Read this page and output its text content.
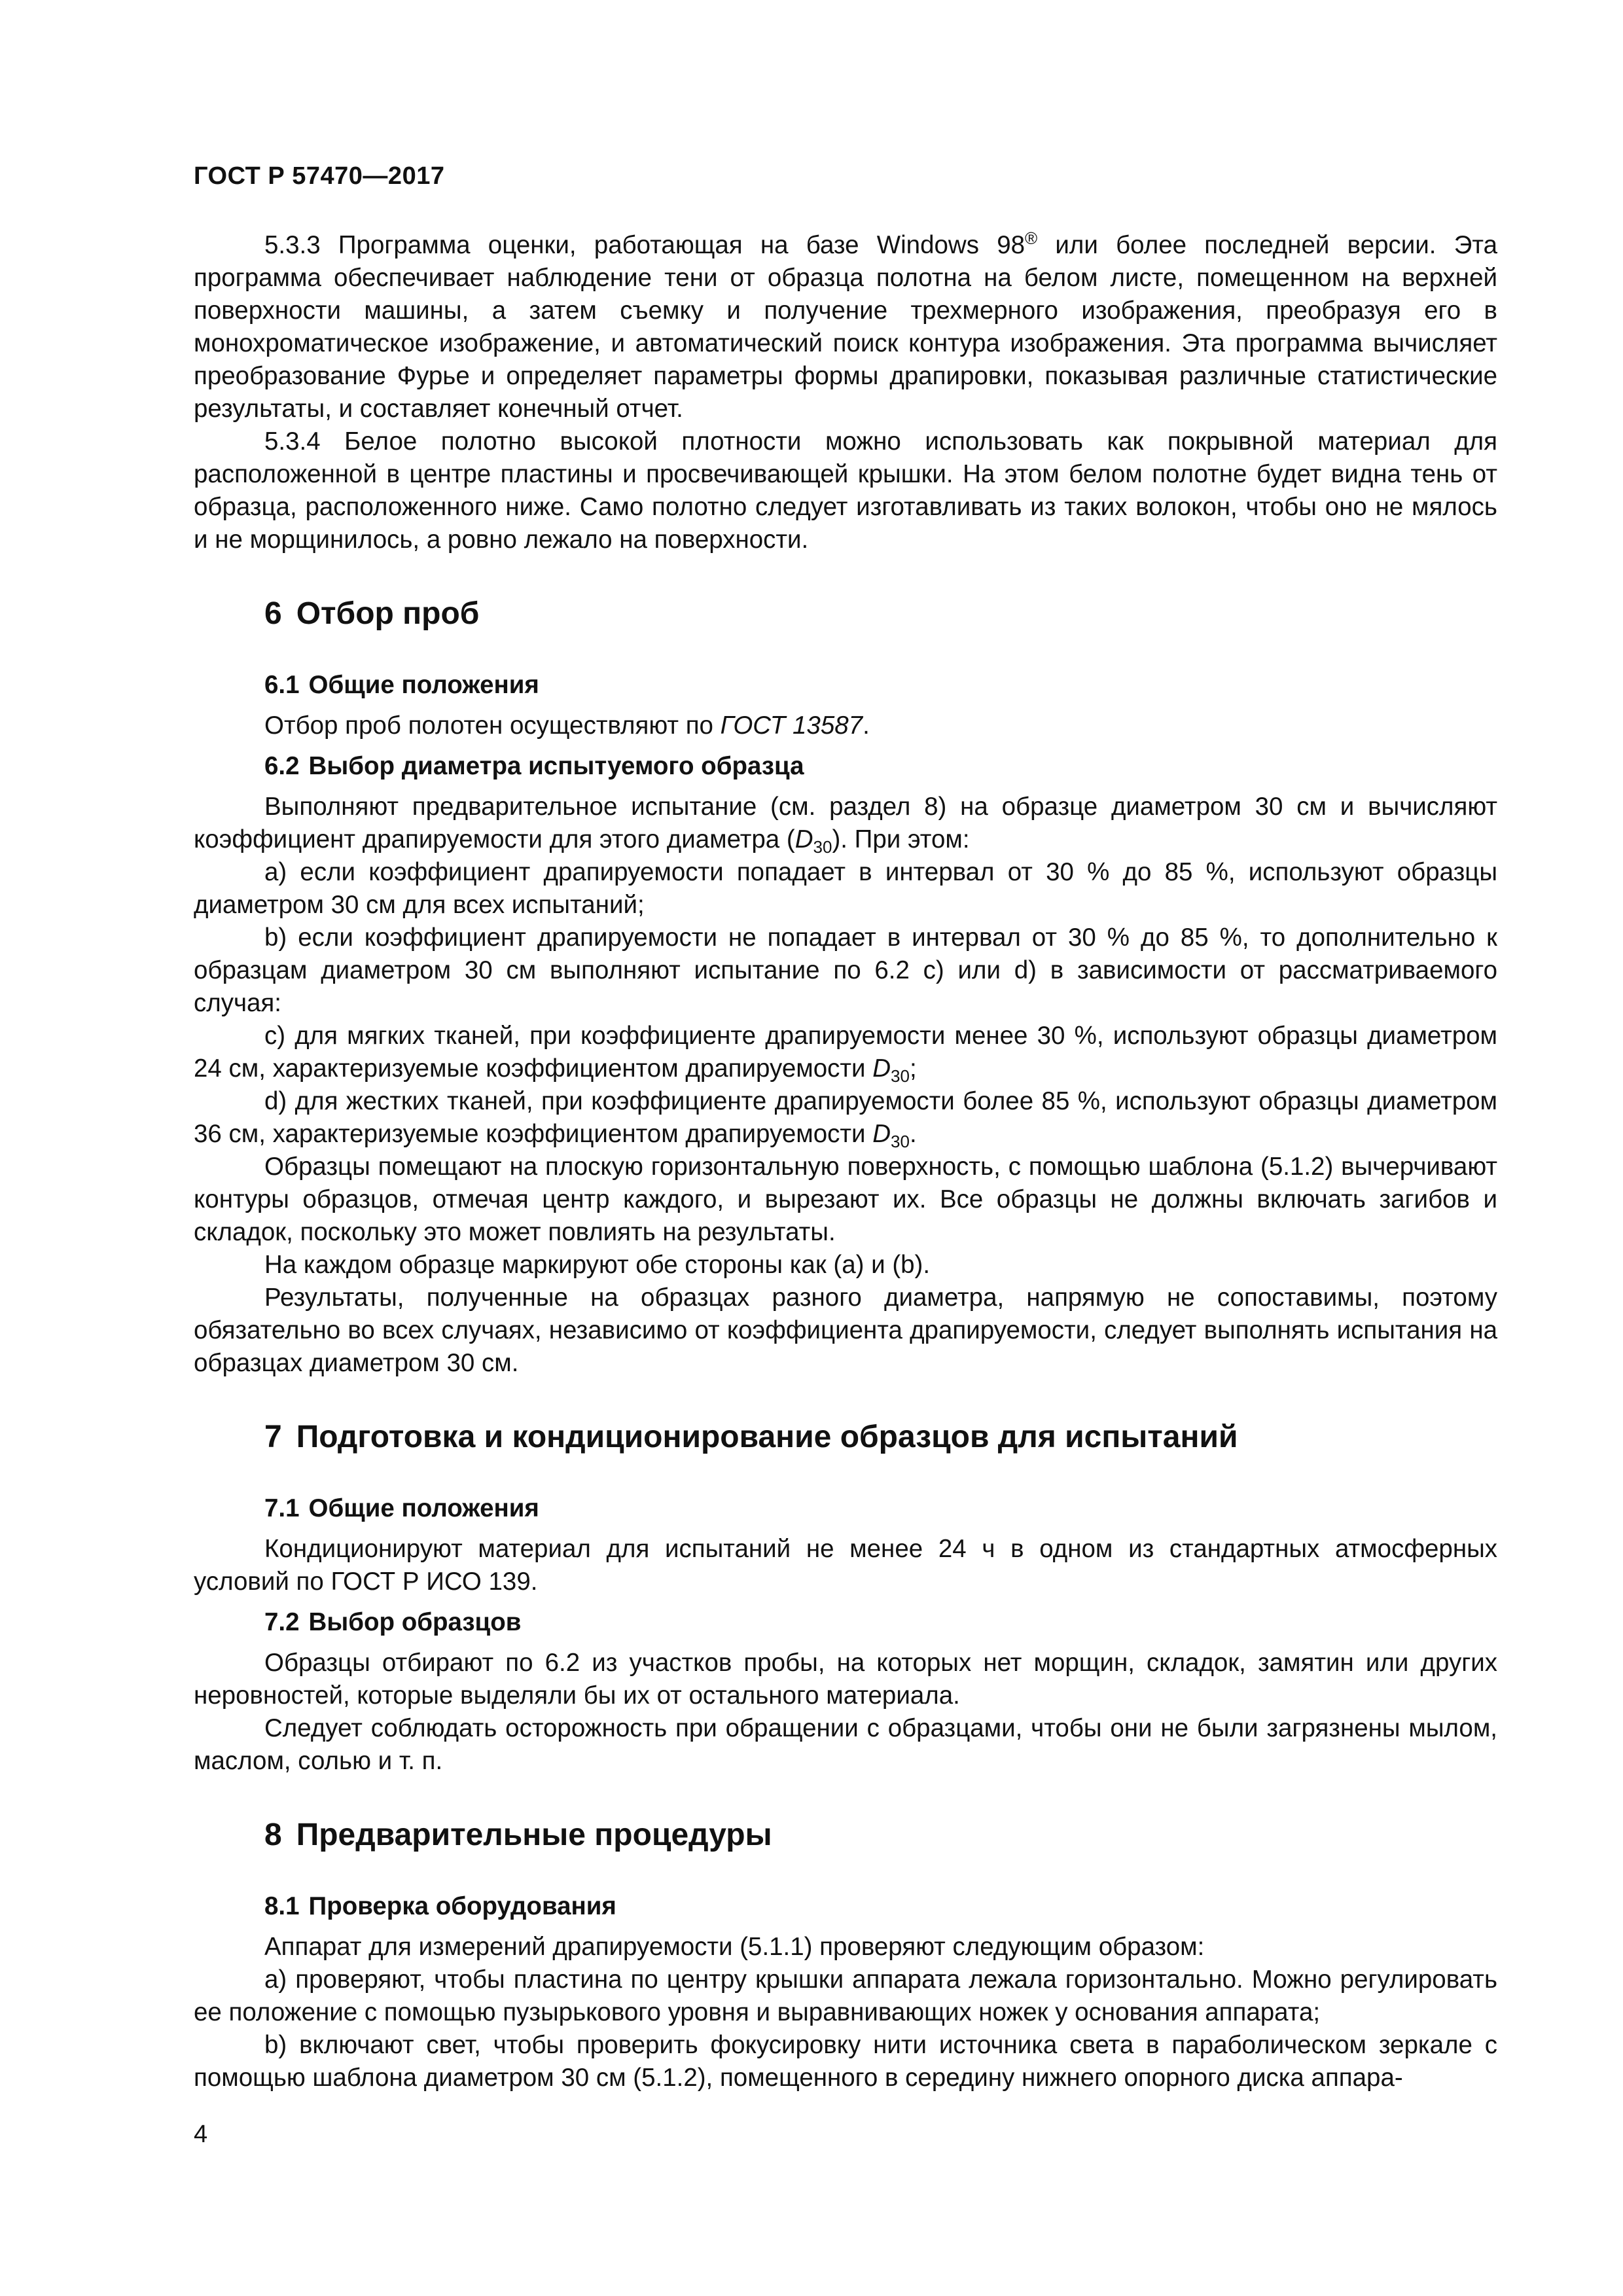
ГОСТ Р 57470—2017

5.3.3 Программа оценки, работающая на базе Windows 98® или более последней версии. Эта программа обеспечивает наблюдение тени от образца полотна на белом листе, помещенном на верхней поверхности машины, а затем съемку и получение трехмерного изображения, преобразуя его в монохроматическое изображение, и автоматический поиск контура изображения. Эта программа вычисляет преобразование Фурье и определяет параметры формы драпировки, показывая различные статистические результаты, и составляет конечный отчет.

5.3.4 Белое полотно высокой плотности можно использовать как покрывной материал для расположенной в центре пластины и просвечивающей крышки. На этом белом полотне будет видна тень от образца, расположенного ниже. Само полотно следует изготавливать из таких волокон, чтобы оно не мялось и не морщинилось, а ровно лежало на поверхности.

6 Отбор проб
6.1 Общие положения

Отбор проб полотен осуществляют по ГОСТ 13587.

6.2 Выбор диаметра испытуемого образца

Выполняют предварительное испытание (см. раздел 8) на образце диаметром 30 см и вычисляют коэффициент драпируемости для этого диаметра $(D_{30})$. При этом:

а) если коэффициент драпируемости попадает в интервал от 30 % до 85 %, используют образцы диаметром 30 см для всех испытаний;

b) если коэффициент драпируемости не попадает в интервал от 30 % до 85 %, то дополнительно к образцам диаметром 30 см выполняют испытание по 6.2 с) или d) в зависимости от рассматриваемого случая:

c) для мягких тканей, при коэффициенте драпируемости менее 30 %, используют образцы диаметром 24 см, характеризуемые коэффициентом драпируемости $D_{30}$;

d) для жестких тканей, при коэффициенте драпируемости более 85 %, используют образцы диаметром 36 см, характеризуемые коэффициентом драпируемости $D_{30}$.

Образцы помещают на плоскую горизонтальную поверхность, с помощью шаблона (5.1.2) вычерчивают контуры образцов, отмечая центр каждого, и вырезают их. Все образцы не должны включать загибов и складок, поскольку это может повлиять на результаты.

На каждом образце маркируют обе стороны как (а) и (b).

Результаты, полученные на образцах разного диаметра, напрямую не сопоставимы, поэтому обязательно во всех случаях, независимо от коэффициента драпируемости, следует выполнять испытания на образцах диаметром 30 см.

7 Подготовка и кондиционирование образцов для испытаний
7.1 Общие положения

Кондиционируют материал для испытаний не менее 24 ч в одном из стандартных атмосферных условий по ГОСТ Р ИСО 139.

7.2 Выбор образцов

Образцы отбирают по 6.2 из участков пробы, на которых нет морщин, складок, замятин или других неровностей, которые выделяли бы их от остального материала.

Следует соблюдать осторожность при обращении с образцами, чтобы они не были загрязнены мылом, маслом, солью и т. п.

8 Предварительные процедуры
8.1 Проверка оборудования

Аппарат для измерений драпируемости (5.1.1) проверяют следующим образом:

а) проверяют, чтобы пластина по центру крышки аппарата лежала горизонтально. Можно регулировать ее положение с помощью пузырькового уровня и выравнивающих ножек у основания аппарата;

b) включают свет, чтобы проверить фокусировку нити источника света в параболическом зеркале с помощью шаблона диаметром 30 см (5.1.2), помещенного в середину нижнего опорного диска аппара-

4
